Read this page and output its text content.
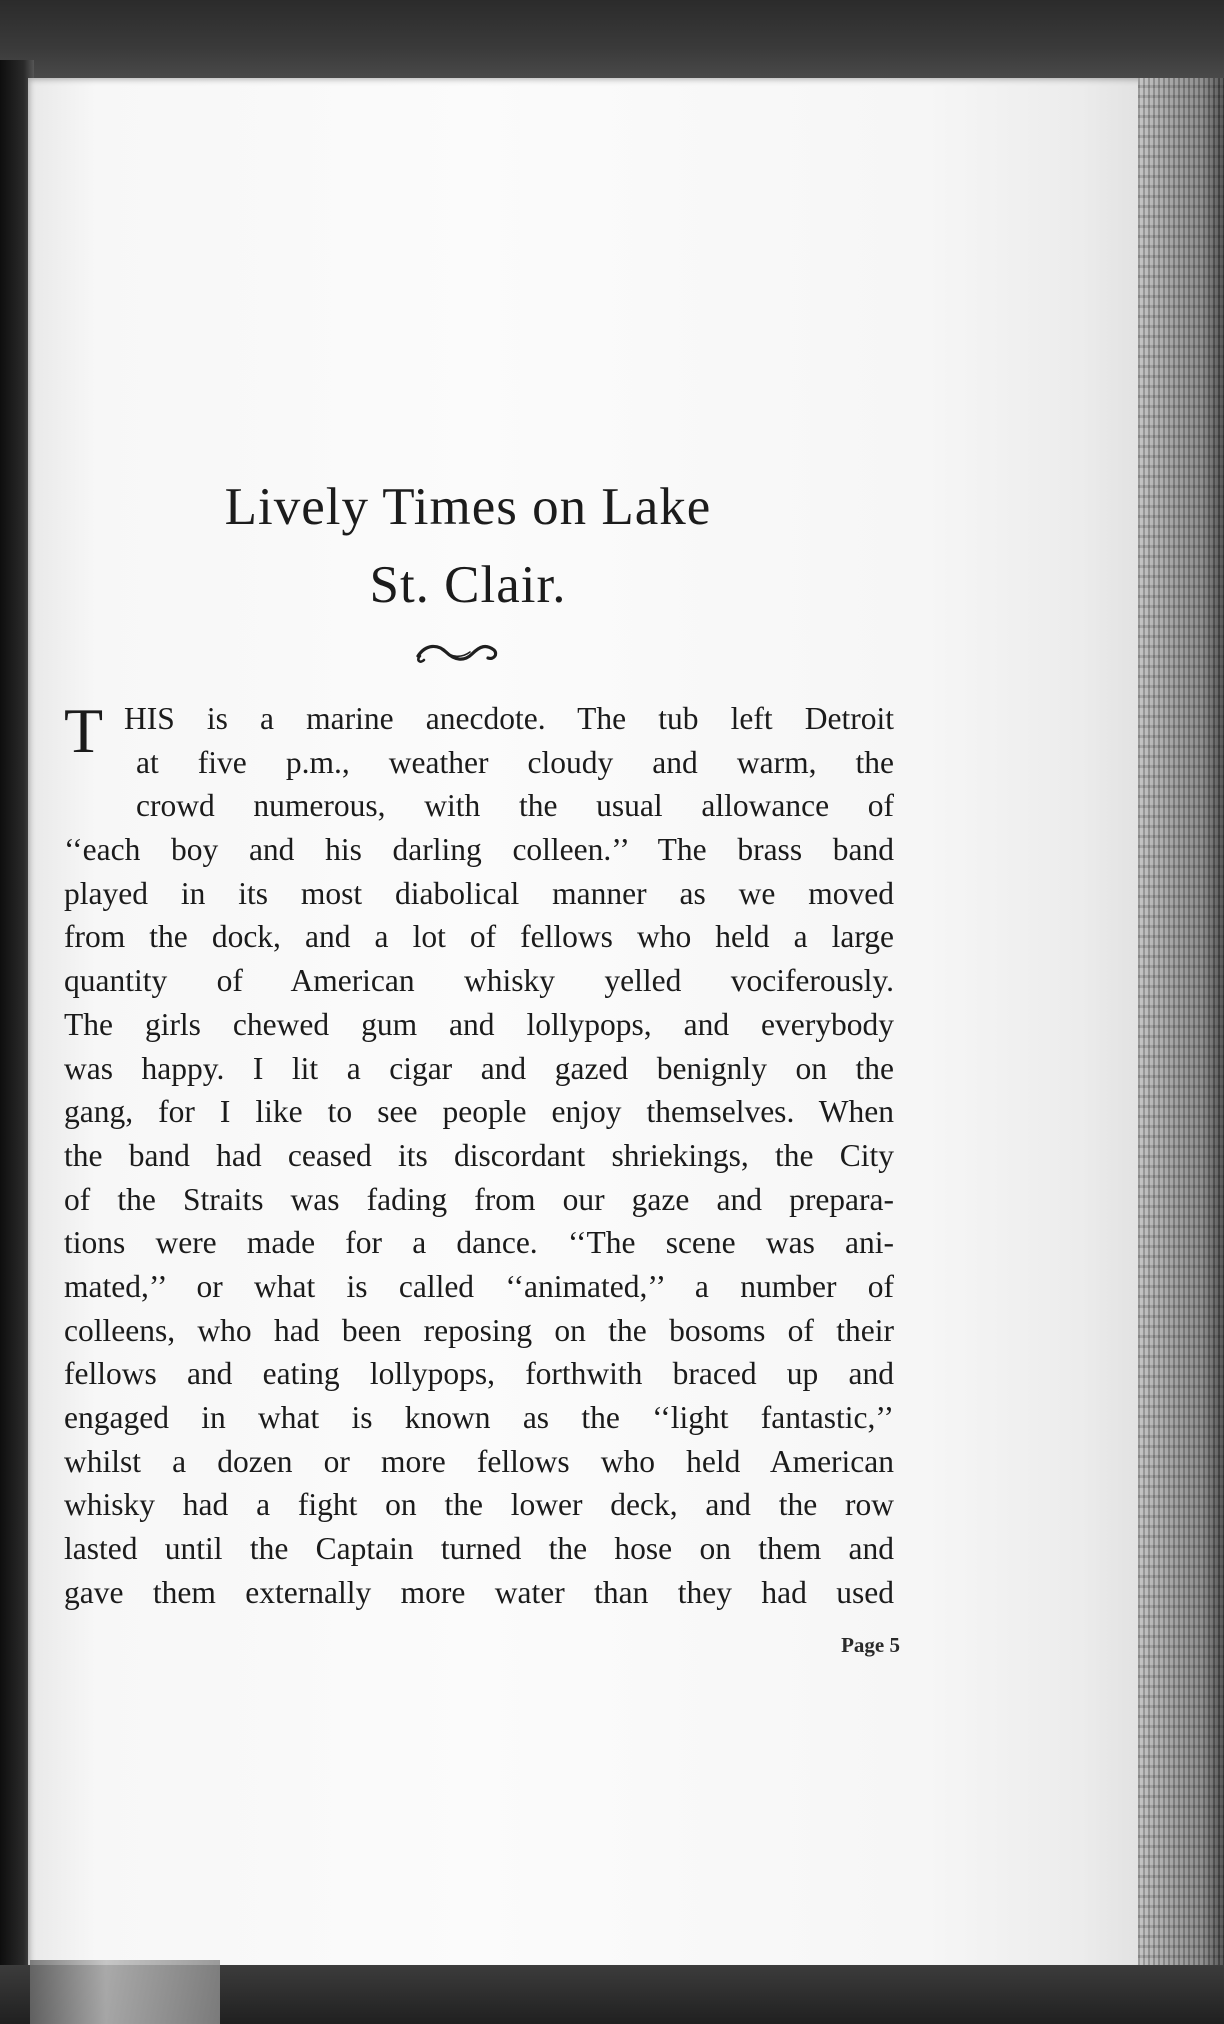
Lively Times on Lake
St. Clair.
T HIS is a marine anecdote. The tub left Detroit
at five p.m., weather cloudy and warm, the
crowd numerous, with the usual allowance of
‘‘each boy and his darling colleen.’’ The brass band
played in its most diabolical manner as we moved
from the dock, and a lot of fellows who held a large
quantity of American whisky yelled vociferously.
The girls chewed gum and lollypops, and everybody
was happy. I lit a cigar and gazed benignly on the
gang, for I like to see people enjoy themselves. When
the band had ceased its discordant shriekings, the City
of the Straits was fading from our gaze and prepara-
tions were made for a dance. ‘‘The scene was ani-
mated,’’ or what is called ‘‘animated,’’ a number of
colleens, who had been reposing on the bosoms of their
fellows and eating lollypops, forthwith braced up and
engaged in what is known as the ‘‘light fantastic,’’
whilst a dozen or more fellows who held American
whisky had a fight on the lower deck, and the row
lasted until the Captain turned the hose on them and
gave them externally more water than they had used
Page 5
